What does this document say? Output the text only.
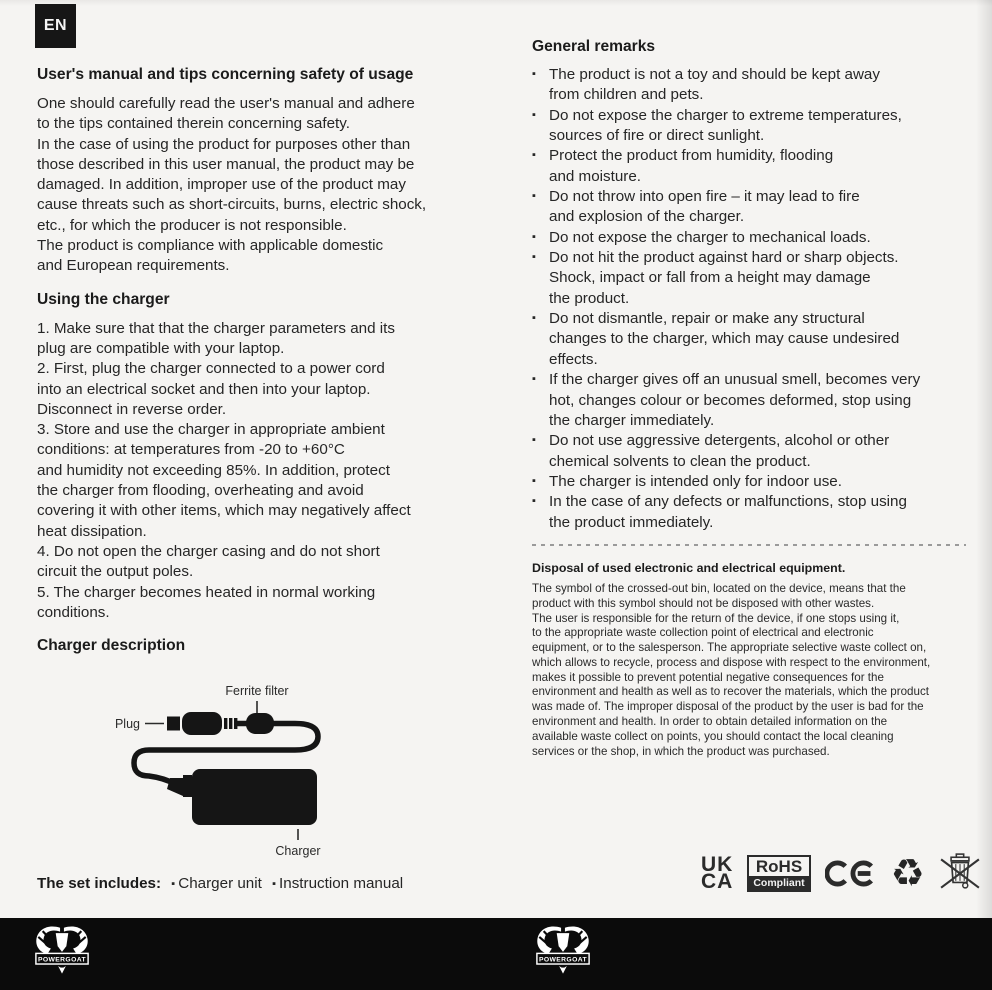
EN
User's manual and tips concerning safety of usage

One should carefully read the user's manual and adhere
to the tips contained therein concerning safety.
In the case of using the product for purposes other than
those described in this user manual, the product may be
damaged. In addition, improper use of the product may
cause threats such as short-circuits, burns, electric shock,
etc., for which the producer is not responsible.
The product is compliance with applicable domestic
and European requirements.

Using the charger

1. Make sure that that the charger parameters and its
plug are compatible with your laptop.
2. First, plug the charger connected to a power cord
into an electrical socket and then into your laptop.
Disconnect in reverse order.
3. Store and use the charger in appropriate ambient
conditions: at temperatures from -20 to +60°C
and humidity not exceeding 85%. In addition, protect
the charger from flooding, overheating and avoid
covering it with other items, which may negatively affect
heat dissipation.
4. Do not open the charger casing and do not short
circuit the output poles.
5. The charger becomes heated in normal working
conditions.

Charger description
Ferrite filter
Plug
Charger

The set includes: ▪ Charger unit ▪ Instruction manual

General remarks
▪ The product is not a toy and should be kept away
from children and pets.
▪ Do not expose the charger to extreme temperatures,
sources of fire or direct sunlight.
▪ Protect the product from humidity, flooding
and moisture.
▪ Do not throw into open fire – it may lead to fire
and explosion of the charger.
▪ Do not expose the charger to mechanical loads.
▪ Do not hit the product against hard or sharp objects.
Shock, impact or fall from a height may damage
the product.
▪ Do not dismantle, repair or make any structural
changes to the charger, which may cause undesired
effects.
▪ If the charger gives off an unusual smell, becomes very
hot, changes colour or becomes deformed, stop using
the charger immediately.
▪ Do not use aggressive detergents, alcohol or other
chemical solvents to clean the product.
▪ The charger is intended only for indoor use.
▪ In the case of any defects or malfunctions, stop using
the product immediately.
Disposal of used electronic and electrical equipment.

The symbol of the crossed-out bin, located on the device, means that the
product with this symbol should not be disposed with other wastes.
The user is responsible for the return of the device, if one stops using it,
to the appropriate waste collection point of electrical and electronic
equipment, or to the salesperson. The appropriate selective waste collect on,
which allows to recycle, process and dispose with respect to the environment,
makes it possible to prevent potential negative consequences for the
environment and health as well as to recover the materials, which the product
was made of. The improper disposal of the product by the user is bad for the
environment and health. In order to obtain detailed information on the
available waste collect on points, you should contact the local cleaning
services or the shop, in which the product was purchased.

UK
CA
RoHS
Compliant ♻
POWERGOAT	POWERGOAT
